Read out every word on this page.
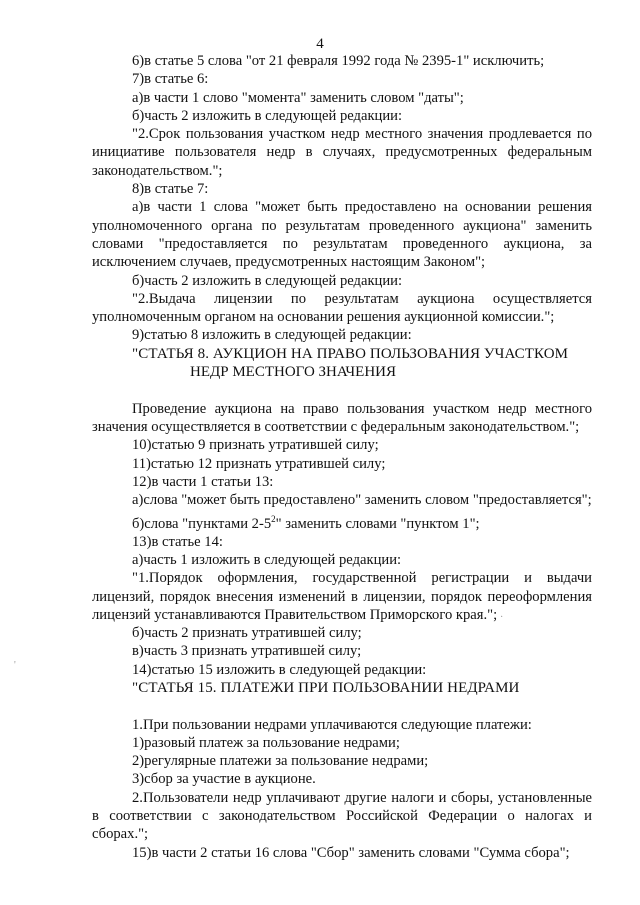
4

6)в статье 5 слова "от 21 февраля 1992 года № 2395-1" исключить;

7)в статье 6:

а)в части 1 слово "момента" заменить словом "даты";

б)часть 2 изложить в следующей редакции:

"2.Срок пользования участком недр местного значения продлевается по инициативе пользователя недр в случаях, предусмотренных федеральным законодательством.";

8)в статье 7:

а)в части 1 слова "может быть предоставлено на основании решения уполномоченного органа по результатам проведенного аукциона" заменить словами "предоставляется по результатам проведенного аукциона, за исключением случаев, предусмотренных настоящим Законом";

б)часть 2 изложить в следующей редакции:

"2.Выдача лицензии по результатам аукциона осуществляется уполномоченным органом на основании решения аукционной комиссии.";

9)статью 8 изложить в следующей редакции:

"СТАТЬЯ 8. АУКЦИОН НА ПРАВО ПОЛЬЗОВАНИЯ УЧАСТКОМ

НЕДР МЕСТНОГО ЗНАЧЕНИЯ

Проведение аукциона на право пользования участком недр местного значения осуществляется в соответствии с федеральным законодательством.";

10)статью 9 признать утратившей силу;

11)статью 12 признать утратившей силу;

12)в части 1 статьи 13:

а)слова "может быть предоставлено" заменить словом "предоставляется";

б)слова "пунктами $2-5^2$" заменить словами "пунктом 1";

13)в статье 14:

а)часть 1 изложить в следующей редакции:

"1.Порядок оформления, государственной регистрации и выдачи лицензий, порядок внесения изменений в лицензии, порядок переоформления лицензий устанавливаются Правительством Приморского края.";

б)часть 2 признать утратившей силу;

в)часть 3 признать утратившей силу;

14)статью 15 изложить в следующей редакции:

"СТАТЬЯ 15. ПЛАТЕЖИ ПРИ ПОЛЬЗОВАНИИ НЕДРАМИ

1.При пользовании недрами уплачиваются следующие платежи:

1)разовый платеж за пользование недрами;

2)регулярные платежи за пользование недрами;

3)сбор за участие в аукционе.

2.Пользователи недр уплачивают другие налоги и сборы, установленные в соответствии с законодательством Российской Федерации о налогах и сборах.";

15)в части 2 статьи 16 слова "Сбор" заменить словами "Сумма сбора";

'
·
